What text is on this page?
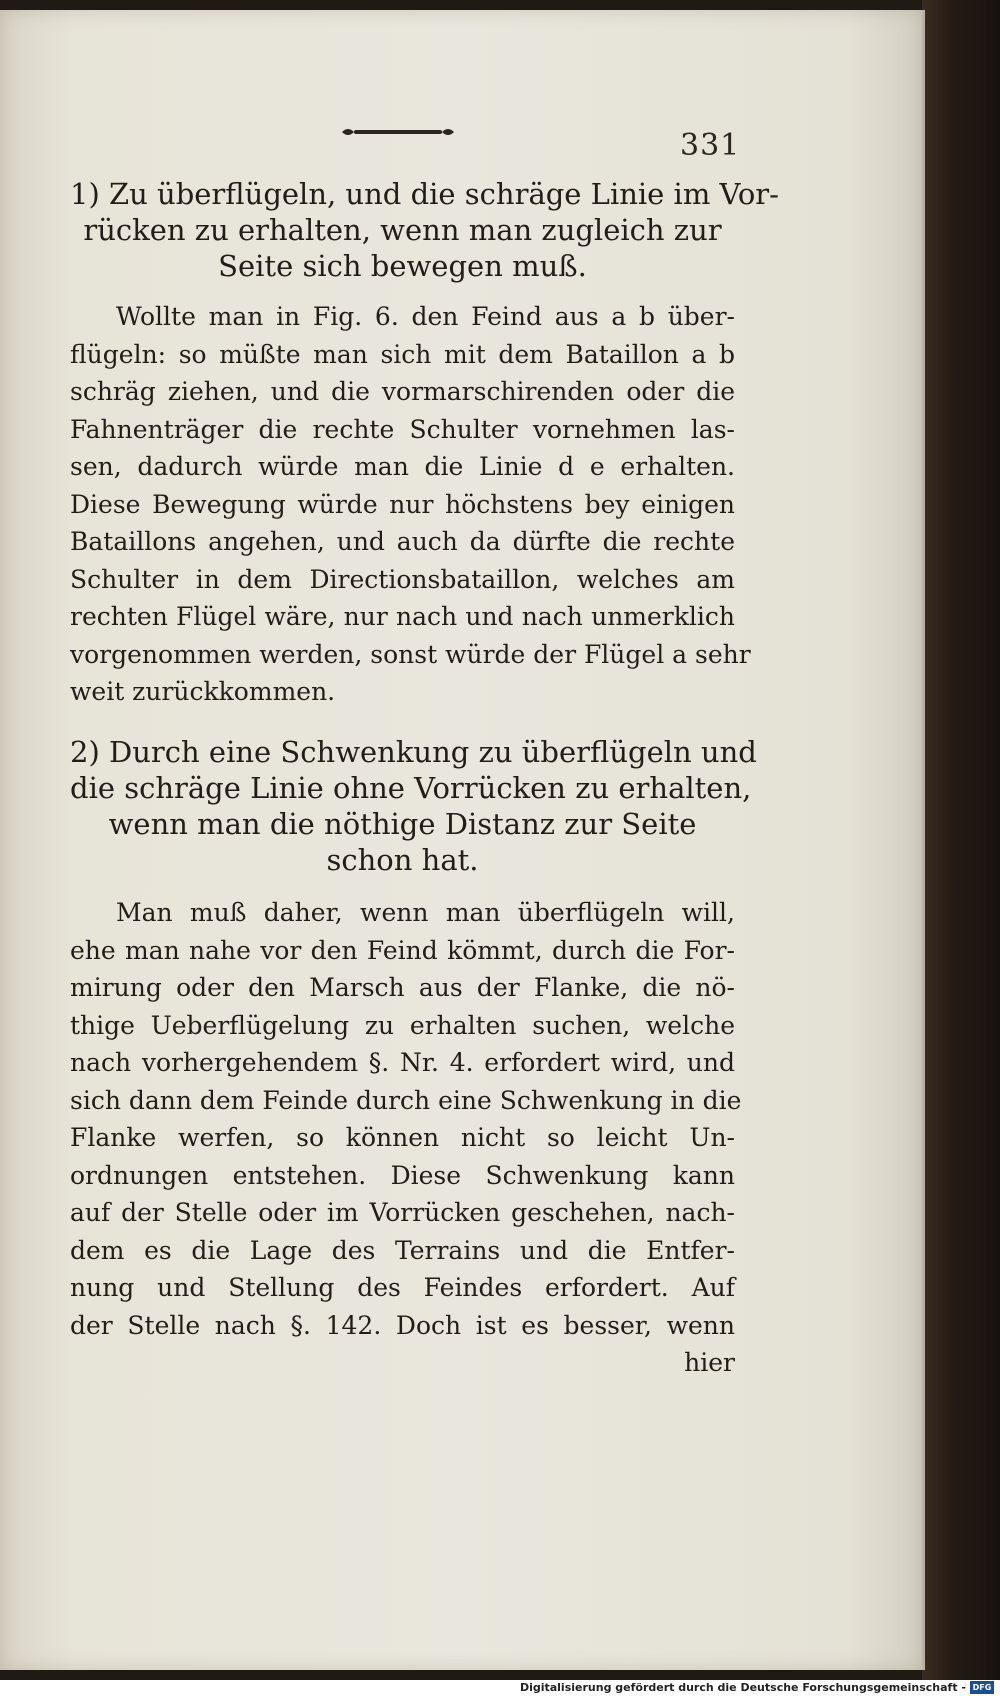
331
1) Zu überflügeln, und die schräge Linie im Vor-
rücken zu erhalten, wenn man zugleich zur
Seite sich bewegen muß.
Wollte man in Fig. 6. den Feind aus a b über-
flügeln: so müßte man sich mit dem Bataillon a b
schräg ziehen, und die vormarschirenden oder die
Fahnenträger die rechte Schulter vornehmen las-
sen, dadurch würde man die Linie d e erhalten.
Diese Bewegung würde nur höchstens bey einigen
Bataillons angehen, und auch da dürfte die rechte
Schulter in dem Directionsbataillon, welches am
rechten Flügel wäre, nur nach und nach unmerklich
vorgenommen werden, sonst würde der Flügel a sehr
weit zurückkommen.
2) Durch eine Schwenkung zu überflügeln und
die schräge Linie ohne Vorrücken zu erhalten,
wenn man die nöthige Distanz zur Seite
schon hat.
Man muß daher, wenn man überflügeln will,
ehe man nahe vor den Feind kömmt, durch die For-
mirung oder den Marsch aus der Flanke, die nö-
thige Ueberflügelung zu erhalten suchen, welche
nach vorhergehendem §. Nr. 4. erfordert wird, und
sich dann dem Feinde durch eine Schwenkung in die
Flanke werfen, so können nicht so leicht Un-
ordnungen entstehen. Diese Schwenkung kann
auf der Stelle oder im Vorrücken geschehen, nach-
dem es die Lage des Terrains und die Entfer-
nung und Stellung des Feindes erfordert. Auf
der Stelle nach §. 142. Doch ist es besser, wenn
hier
Digitalisierung gefördert durch die Deutsche Forschungsgemeinschaft - DFG
